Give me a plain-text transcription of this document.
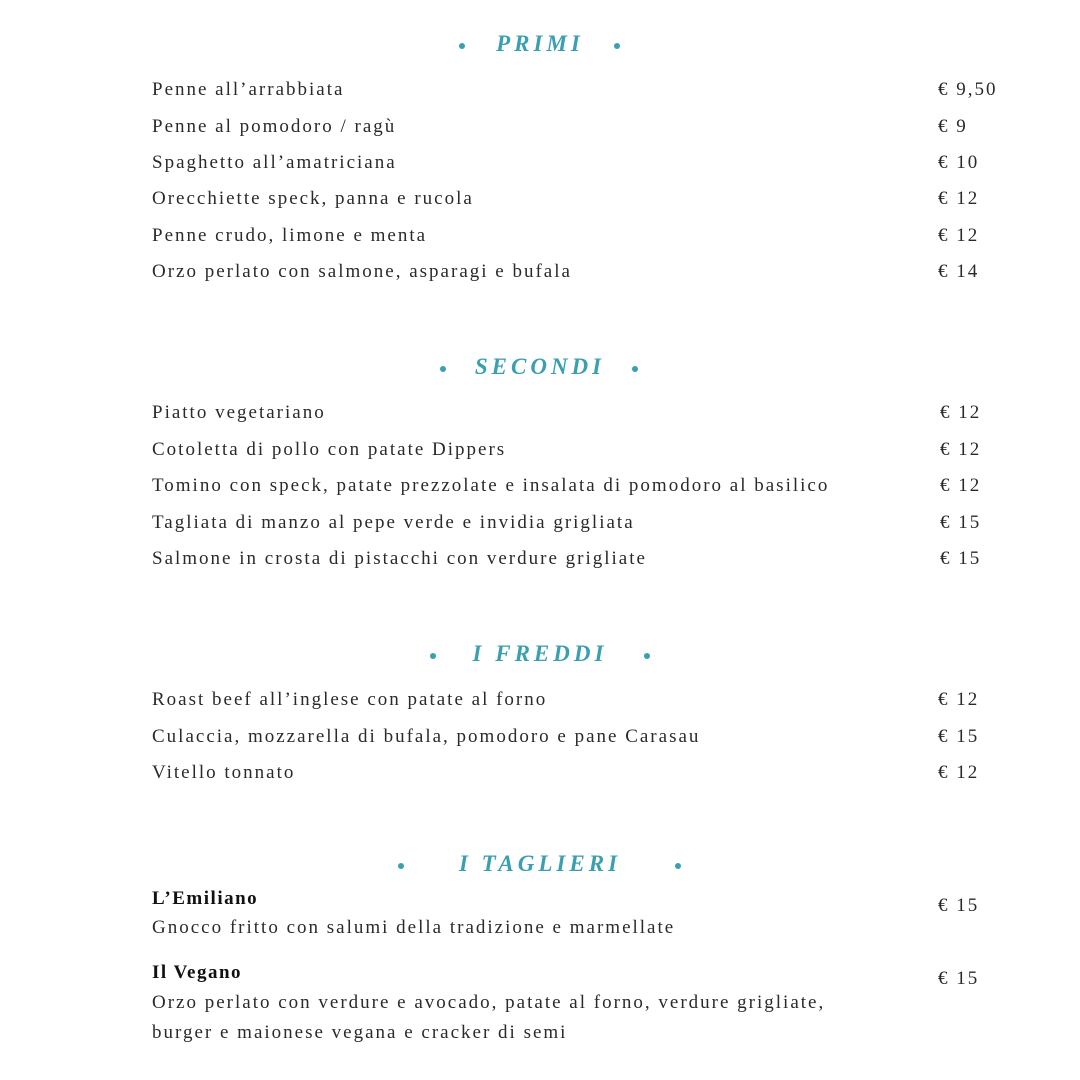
PRIMI
Penne all’arrabbiata	€ 9,50
Penne al pomodoro / ragù	€ 9
Spaghetto all’amatriciana	€ 10
Orecchiette speck, panna e rucola	€ 12
Penne crudo, limone e menta	€ 12
Orzo perlato con salmone, asparagi e bufala	€ 14
SECONDI
Piatto vegetariano	€ 12
Cotoletta di pollo con patate Dippers	€ 12
Tomino con speck, patate prezzolate e insalata di pomodoro al basilico	€ 12
Tagliata di manzo al pepe verde e invidia grigliata	€ 15
Salmone in crosta di pistacchi con verdure grigliate	€ 15
I FREDDI
Roast beef all’inglese con patate al forno	€ 12
Culaccia, mozzarella di bufala, pomodoro e pane Carasau	€ 15
Vitello tonnato	€ 12
I TAGLIERI
L’Emiliano
Gnocco fritto con salumi della tradizione e marmellate
€ 15
Il Vegano
Orzo perlato con verdure e avocado, patate al forno, verdure grigliate,
burger e maionese vegana e cracker di semi
€ 15
